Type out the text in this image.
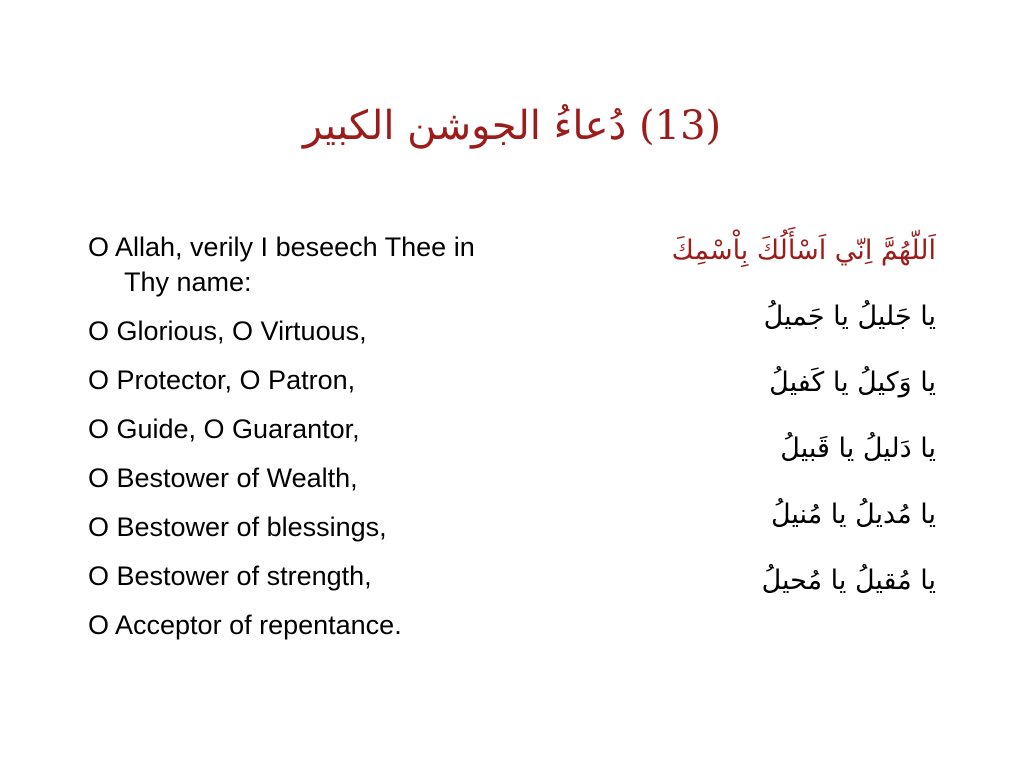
(13) دُعاءُ الجوشن الكبير
O Allah, verily I beseech Thee in Thy name:
O Glorious, O Virtuous,
O Protector, O Patron,
O Guide, O Guarantor,
O Bestower of Wealth,
O Bestower of blessings,
O Bestower of strength,
O Acceptor of repentance.
اَللّهُمَّ اِنّي اَسْأَلُكَ بِاْسْمِكَ
يا جَليلُ يا جَميلُ
يا وَكيلُ يا كَفيلُ
يا دَليلُ يا قَبيلُ
يا مُديلُ يا مُنيلُ
يا مُقيلُ يا مُحيلُ
